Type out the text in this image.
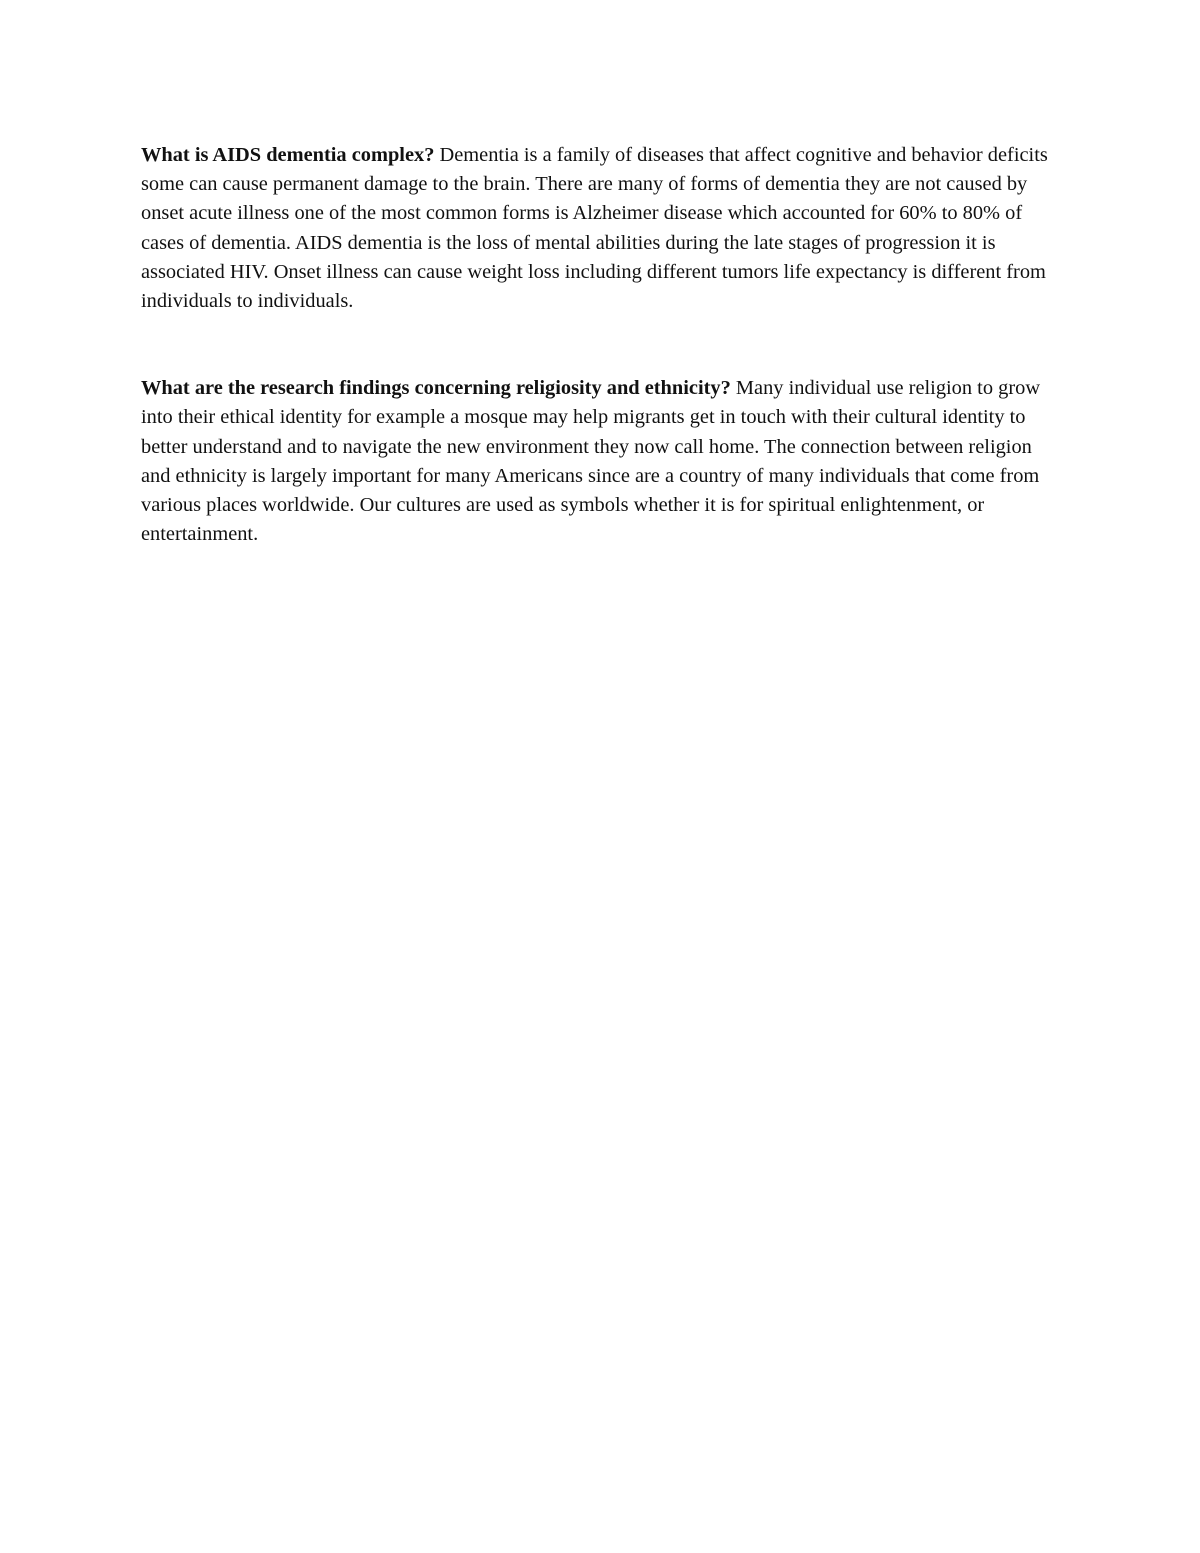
What is AIDS dementia complex? Dementia is a family of diseases that affect cognitive and behavior deficits some can cause permanent damage to the brain. There are many of forms of dementia they are not caused by onset acute illness one of the most common forms is Alzheimer disease which accounted for 60% to 80% of cases of dementia. AIDS dementia is the loss of mental abilities during the late stages of progression it is associated HIV. Onset illness can cause weight loss including different tumors life expectancy is different from individuals to individuals.

What are the research findings concerning religiosity and ethnicity? Many individual use religion to grow into their ethical identity for example a mosque may help migrants get in touch with their cultural identity to better understand and to navigate the new environment they now call home. The connection between religion and ethnicity is largely important for many Americans since are a country of many individuals that come from various places worldwide. Our cultures are used as symbols whether it is for spiritual enlightenment, or entertainment.
